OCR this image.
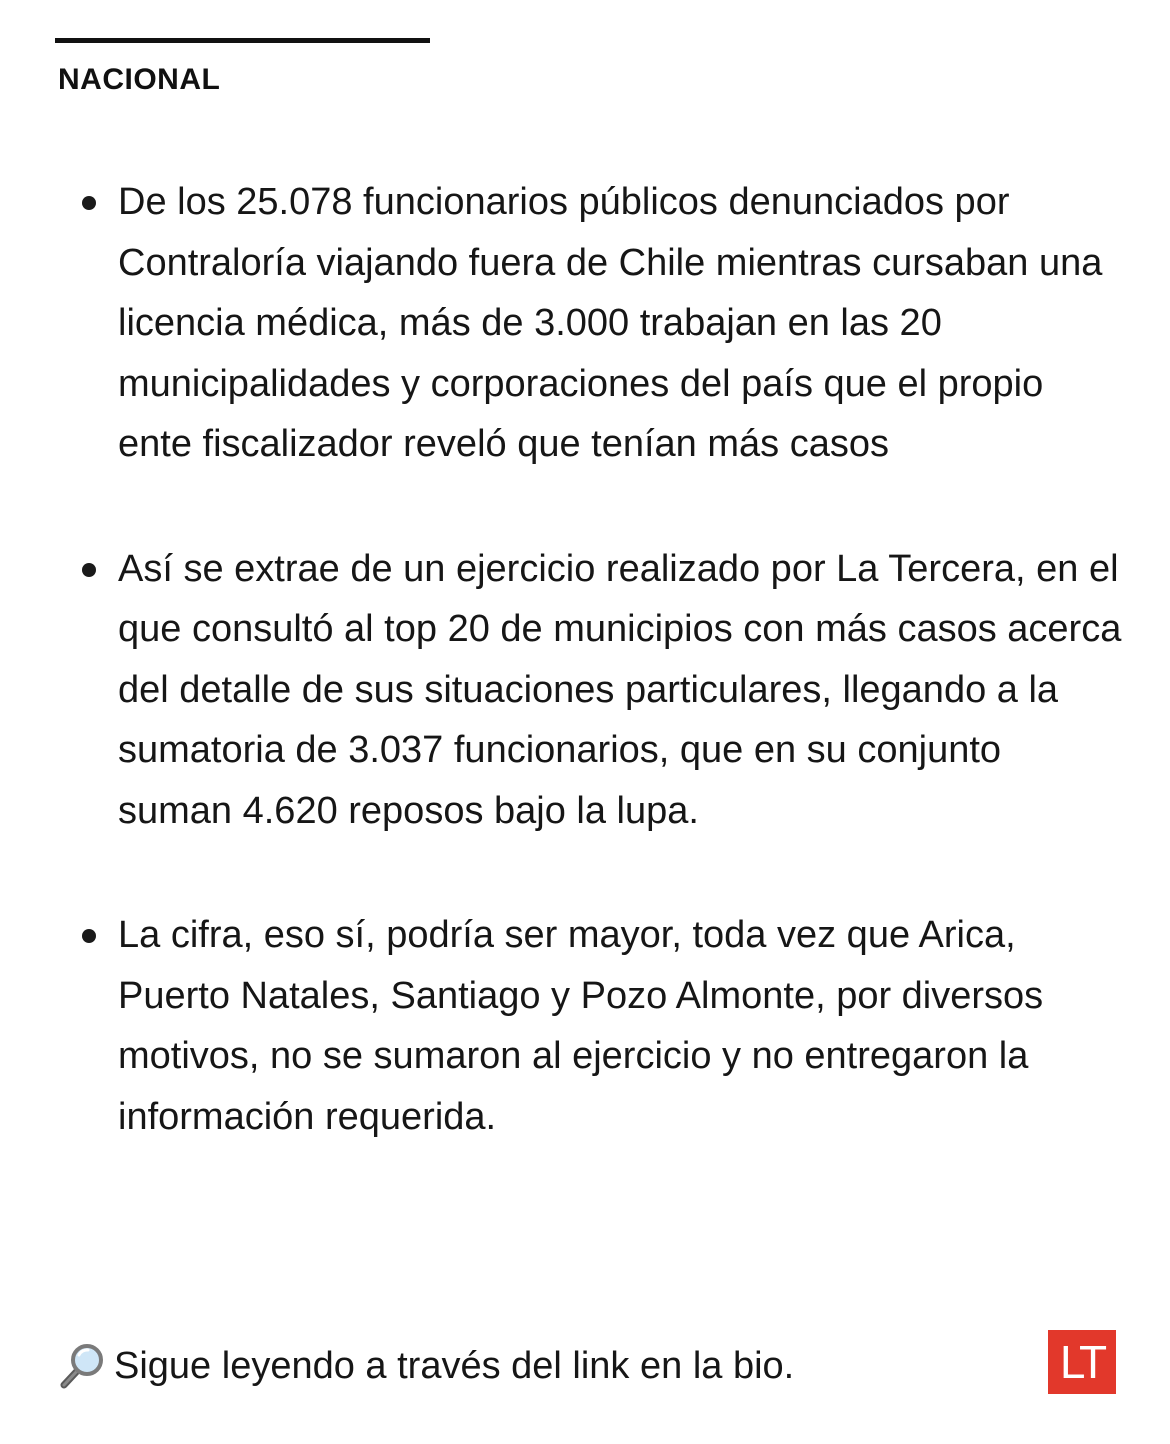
NACIONAL
De los 25.078 funcionarios públicos denunciados por Contraloría viajando fuera de Chile mientras cursaban una licencia médica, más de 3.000 trabajan en las 20 municipalidades y corporaciones del país que el propio ente fiscalizador reveló que tenían más casos
Así se extrae de un ejercicio realizado por La Tercera, en el que consultó al top 20 de municipios con más casos acerca del detalle de sus situaciones particulares, llegando a la sumatoria de 3.037 funcionarios, que en su conjunto suman 4.620 reposos bajo la lupa.
La cifra, eso sí, podría ser mayor, toda vez que Arica, Puerto Natales, Santiago y Pozo Almonte, por diversos motivos, no se sumaron al ejercicio y no entregaron la información requerida.
Sigue leyendo a través del link en la bio.	LT
